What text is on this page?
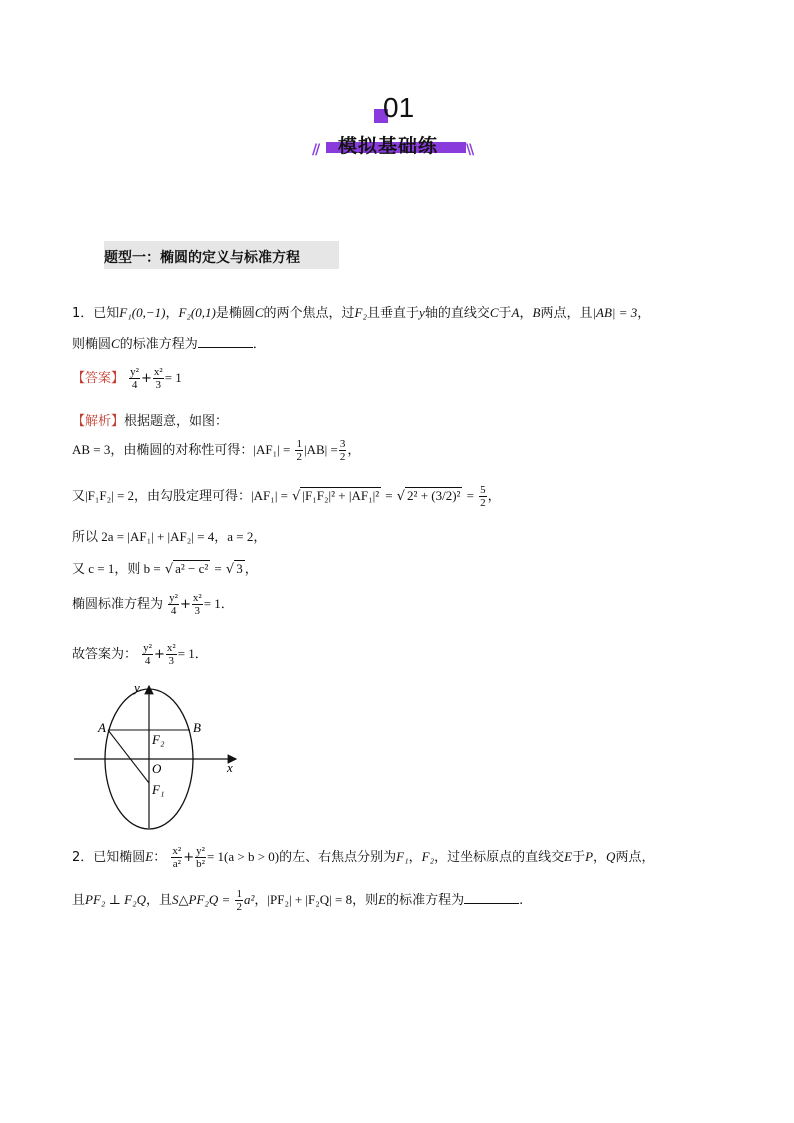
01
// 模拟基础练 \\
题型一：椭圆的定义与标准方程
1．已知F₁(0,−1)，F₂(0,1)是椭圆C的两个焦点，过F₂且垂直于y轴的直线交C于A，B两点，且|AB| = 3，
则椭圆C的标准方程为	．
【答案】 $\frac{\text{y²}}{4} + \frac{\text{x²}}{3} = 1$
【解析】根据题意，如图：
AB = 3，由椭圆的对称性可得：$|AF_1| = \frac{1}{2} |AB| = \frac{3}{2}$ ，
又|F₁F₂| = 2，由勾股定理可得：|AF₁| = √ |F₁F₂|² + |AF₁|² = √ $2^2 + (3/2)^2 = \frac{5}{2}$ ，
所以 2a = |AF₁| + |AF₂| = 4，a = 2，
又 c = 1，则 b = √ a² − c² = √ 3 ，
椭圆标准方程为 $\frac{\text{y²}}{4} + \frac{\text{x²}}{3} = 1$．
故答案为： $\frac{\text{y²}}{4} + \frac{\text{x²}}{3} = 1$．
y
x
A	B
F₂
O
F₁
2．已知椭圆E： $\frac{\text{x²}}{\text{a²}} + \frac{\text{y²}}{\text{b²}} = 1(a > b > 0)$的左、右焦点分别为F₁，F₂，过坐标原点的直线交E于P，Q两点，
且PF₂ ⊥ F₂Q，且S△PF₂Q = $\frac{1}{2} a^2$，|PF₂| + |F₂Q| = 8，则E的标准方程为	.
